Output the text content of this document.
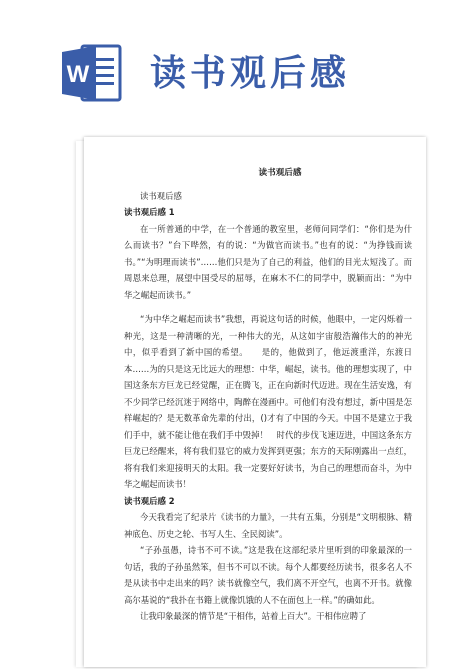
W 读书观后感
读书观后感

读书观后感

读书观后感 1

在一所普通的中学，在一个普通的教室里，老师问同学们：“你们是为什么而读书？”台下哗然，有的说：“为做官而读书。”也有的说：“为挣钱而读书。”“为明理而读书”……他们只是为了自己的利益，他们的目光太短浅了。而周恩来总理，展望中国受尽的屈辱，在麻木不仁的同学中，脱颖而出：“为中华之崛起而读书。”

“为中华之崛起而读书”我想，再说这句话的时候，他眼中，一定闪烁着一种光，这是一种清晰的光，一种伟大的光，从这如宇宙般浩瀚伟大的的神光中，似乎看到了新中国的希望。　　是的，他做到了，他远渡重洋，东渡日本……为的只是这无比远大的理想：中华，崛起，读书。他的理想实现了，中国这条东方巨龙已经觉醒，正在腾飞，正在向新时代迈进。现在生活安逸，有不少同学已经沉迷于网络中，陶醉在漫画中。可他们有没有想过，新中国是怎样崛起的？是无数革命先辈的付出，()才有了中国的今天。中国不是建立于我们手中，就不能让他在我们手中毁掉！　时代的步伐飞速迈进，中国这条东方巨龙已经醒来，将有我们显它的威力发挥到更强；东方的天际刚露出一点红，将有我们来迎接明天的太阳。我一定要好好读书，为自己的理想而奋斗，为中华之崛起而读书！

读书观后感 2

今天我看完了纪录片《读书的力量》，一共有五集，分别是“文明根脉、精神底色、历史之轮、书写人生、全民阅读”。

“子孙虽愚，诗书不可不读。”这是我在这部纪录片里听到的印象最深的一句话，我的子孙虽然笨，但书不可以不读。每个人都要经历读书，很多名人不是从读书中走出来的吗？读书就像空气，我们离不开空气，也离不开书。就像高尔基说的“我扑在书籍上就像饥饿的人不在面包上一样。”的确如此。

让我印象最深的情节是“干相伟，站着上百大”。干相伟应聘了
